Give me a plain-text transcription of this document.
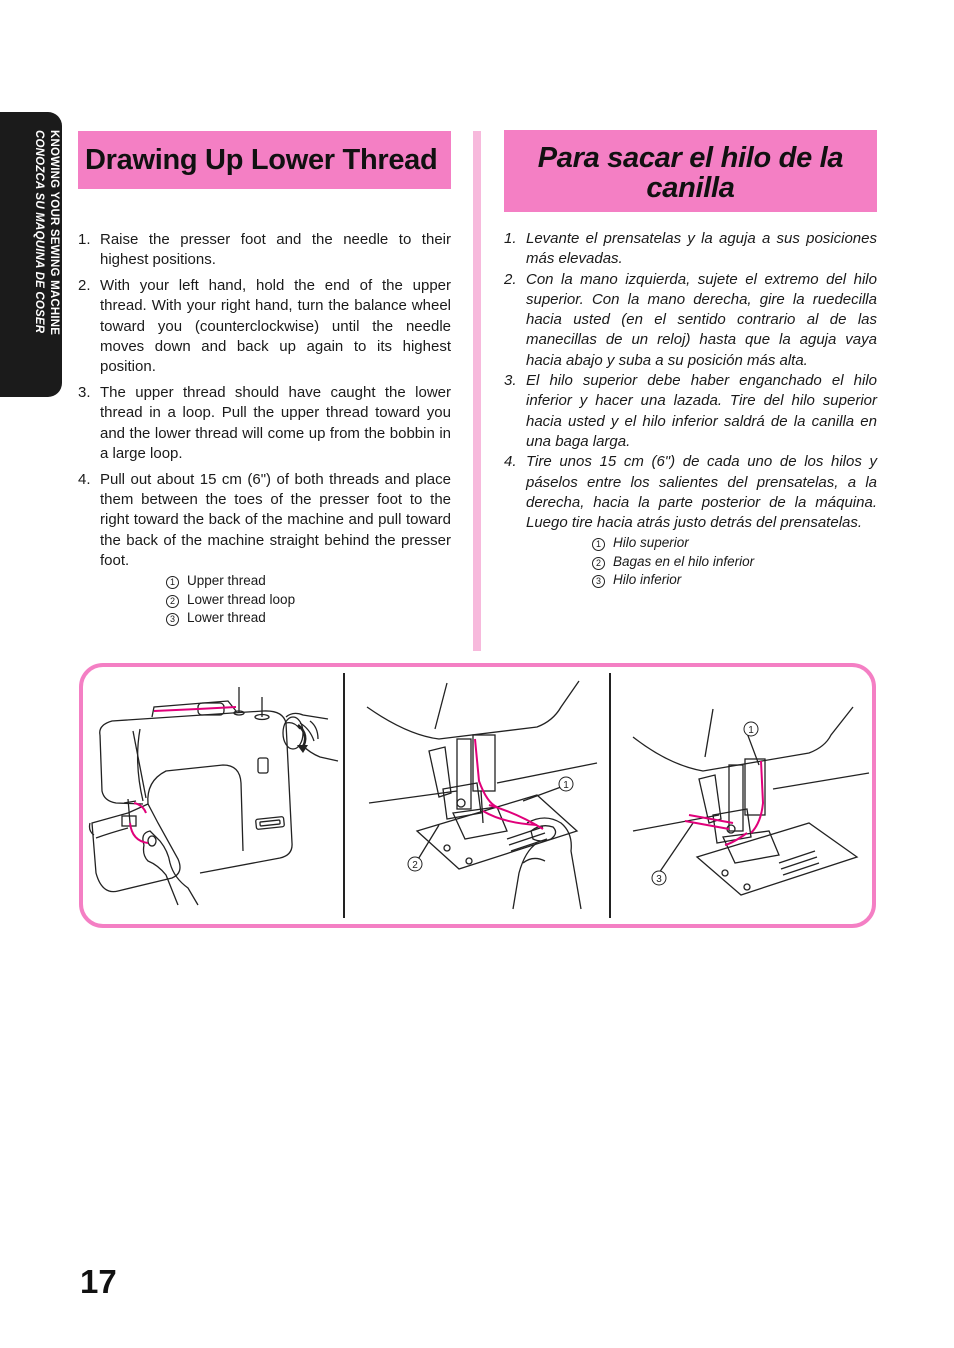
KNOWING YOUR SEWING MACHINE
CONOZCA SU MAQUINA DE COSER Drawing Up Lower Thread	Para sacar el hilo de la canilla
1. Raise the presser foot and the needle to their highest positions.
2. With your left hand, hold the end of the upper thread. With your right hand, turn the balance wheel toward you (counterclockwise) until the needle moves down and back up again to its highest position.
3. The upper thread should have caught the lower thread in a loop. Pull the upper thread toward you and the lower thread will come up from the bobbin in a large loop.
4. Pull out about 15 cm (6") of both threads and place them between the toes of the presser foot to the right toward the back of the machine and pull toward the back of the machine straight behind the presser foot.
1 Upper thread
2 Lower thread loop
3 Lower thread
1. Levante el prensatelas y la aguja a sus posiciones más elevadas.
2. Con la mano izquierda, sujete el extremo del hilo superior. Con la mano derecha, gire la ruedecilla hacia usted (en el sentido contrario al de las manecillas de un reloj) hasta que la aguja vaya hacia abajo y suba a su posición más alta.
3. El hilo superior debe haber enganchado el hilo inferior y hacer una lazada. Tire del hilo superior hacia usted y el hilo inferior saldrá de la canilla en una baga larga.
4. Tire unos 15 cm (6") de cada uno de los hilos y páselos entre los salientes del prensatelas, a la derecha, hacia la parte posterior de la máquina. Luego tire hacia atrás justo detrás del prensatelas.
1 Hilo superior
2 Bagas en el hilo inferior
3 Hilo inferior
1
2
1
3
17
